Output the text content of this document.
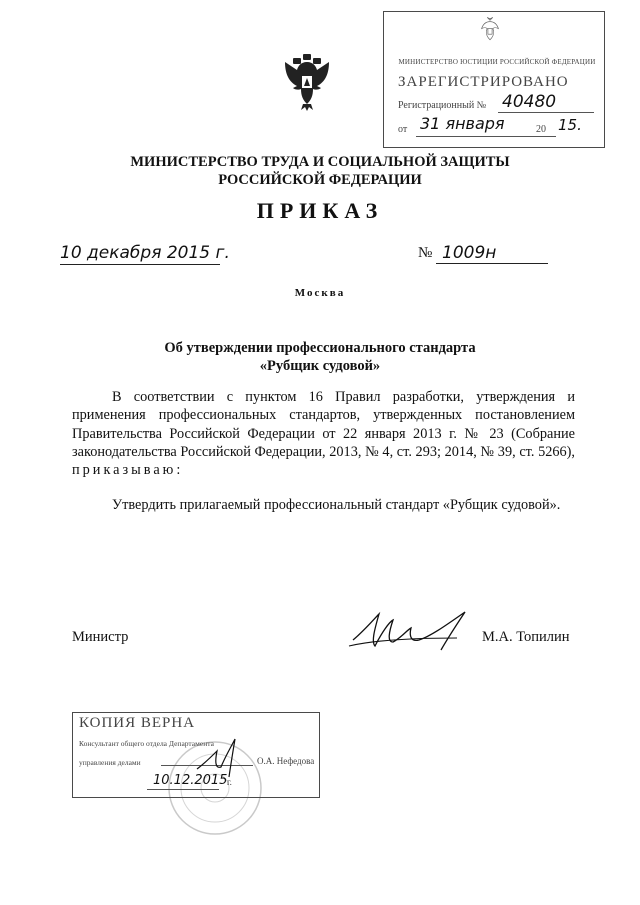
МИНИСТЕРСТВО ЮСТИЦИИ РОССИЙСКОЙ ФЕДЕРАЦИИ
ЗАРЕГИСТРИРОВАНО
Регистрационный № 40480
от 31 января	20 15.
МИНИСТЕРСТВО ТРУДА И СОЦИАЛЬНОЙ ЗАЩИТЫ
РОССИЙСКОЙ ФЕДЕРАЦИИ
ПРИКАЗ
10 декабря 2015 г.	№ 1009н
Москва
Об утверждении профессионального стандарта
«Рубщик судовой»
В соответствии с пунктом 16 Правил разработки, утверждения и применения профессиональных стандартов, утвержденных постановлением Правительства Российской Федерации от 22 января 2013 г. № 23 (Собрание законодательства Российской Федерации, 2013, № 4, ст. 293; 2014, № 39, ст. 5266), приказываю:
Утвердить прилагаемый профессиональный стандарт «Рубщик судовой».
Министр	М.А. Топилин
КОПИЯ ВЕРНА
Консультант общего отдела Департамента
управления делами	О.А. Нефедова
10.12.2015 г.
